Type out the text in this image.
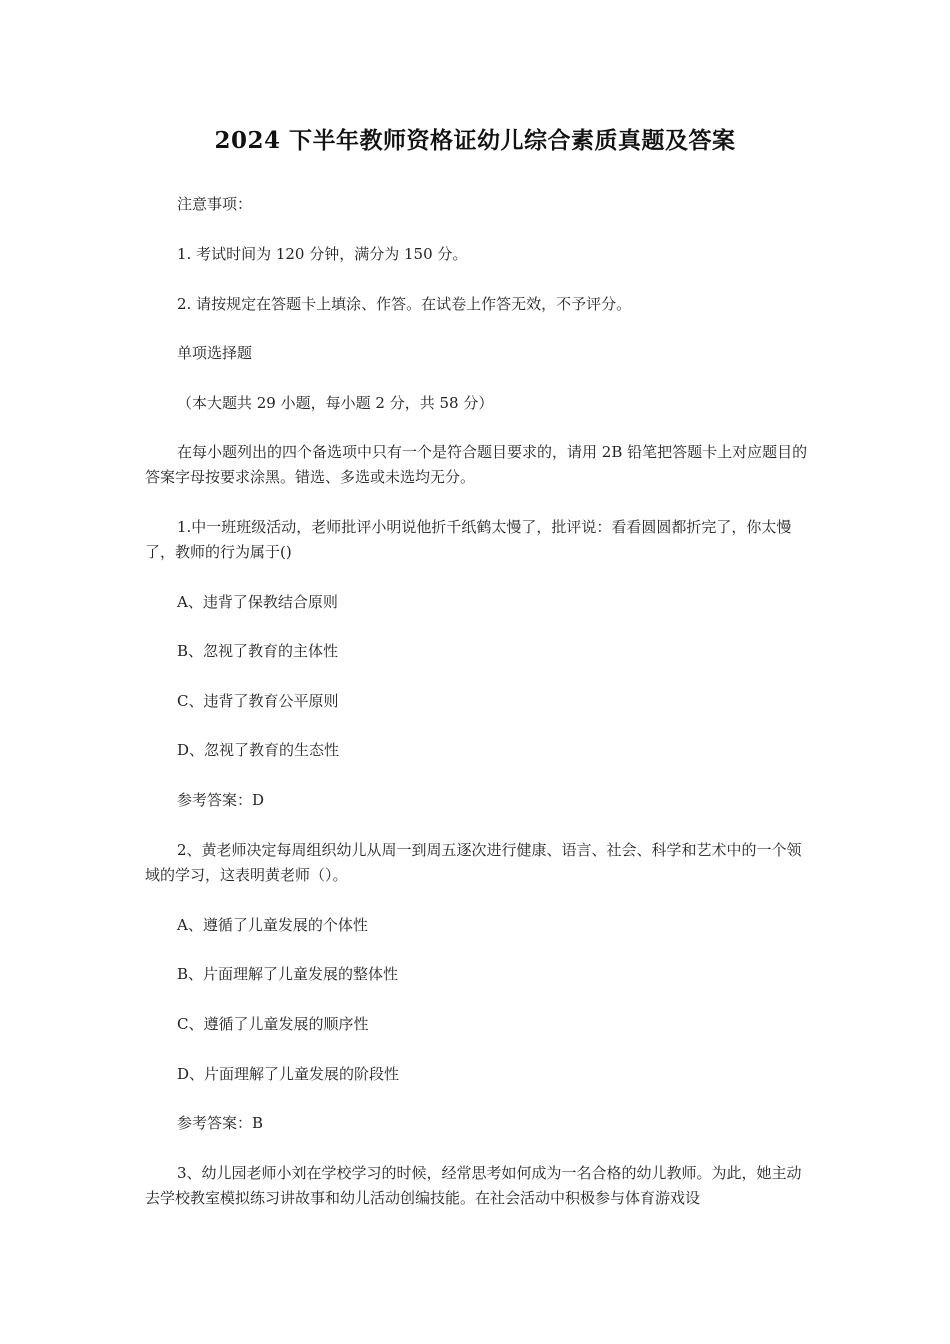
2024 下半年教师资格证幼儿综合素质真题及答案
注意事项：
1. 考试时间为 120 分钟，满分为 150 分。
2. 请按规定在答题卡上填涂、作答。在试卷上作答无效，不予评分。
单项选择题
（本大题共 29 小题，每小题 2 分，共 58 分）
在每小题列出的四个备选项中只有一个是符合题目要求的，请用 2B 铅笔把答题卡上对应题目的答案字母按要求涂黑。错选、多选或未选均无分。
1.中一班班级活动，老师批评小明说他折千纸鹤太慢了，批评说：看看圆圆都折完了，你太慢了，教师的行为属于()
A、违背了保教结合原则
B、忽视了教育的主体性
C、违背了教育公平原则
D、忽视了教育的生态性
参考答案：D
2、黄老师决定每周组织幼儿从周一到周五逐次进行健康、语言、社会、科学和艺术中的一个领域的学习，这表明黄老师（）。
A、遵循了儿童发展的个体性
B、片面理解了儿童发展的整体性
C、遵循了儿童发展的顺序性
D、片面理解了儿童发展的阶段性
参考答案：B
3、幼儿园老师小刘在学校学习的时候，经常思考如何成为一名合格的幼儿教师。为此，她主动去学校教室模拟练习讲故事和幼儿活动创编技能。在社会活动中积极参与体育游戏设
